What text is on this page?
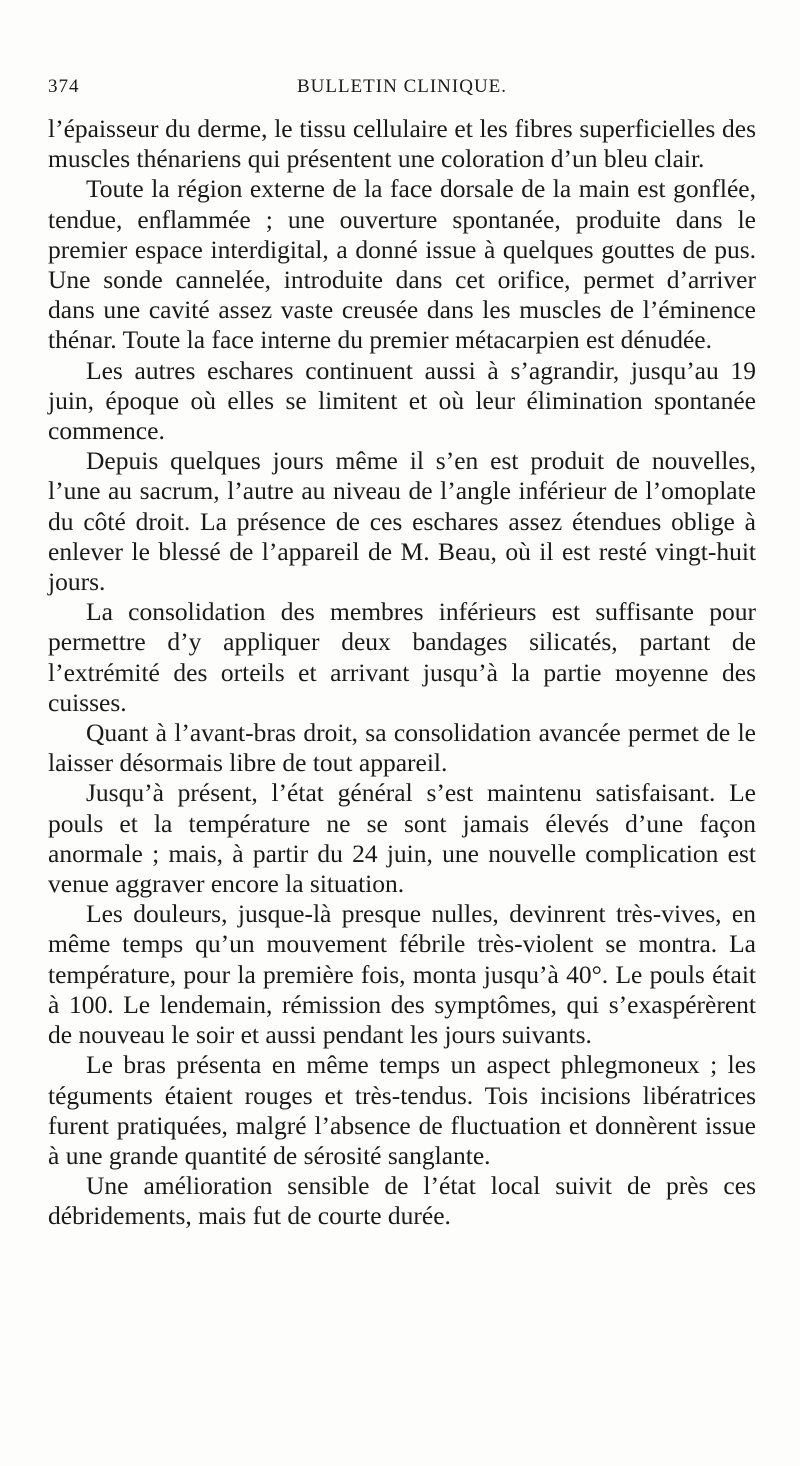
374	BULLETIN CLINIQUE.

l’épaisseur du derme, le tissu cellulaire et les fibres superficielles des muscles thénariens qui présentent une coloration d’un bleu clair.

Toute la région externe de la face dorsale de la main est gonflée, tendue, enflammée ; une ouverture spontanée, produite dans le premier espace interdigital, a donné issue à quelques gouttes de pus. Une sonde cannelée, introduite dans cet orifice, permet d’arriver dans une cavité assez vaste creusée dans les muscles de l’éminence thénar. Toute la face interne du premier métacarpien est dénudée.

Les autres eschares continuent aussi à s’agrandir, jusqu’au 19 juin, époque où elles se limitent et où leur élimination spontanée commence.

Depuis quelques jours même il s’en est produit de nouvelles, l’une au sacrum, l’autre au niveau de l’angle inférieur de l’omoplate du côté droit. La présence de ces eschares assez étendues oblige à enlever le blessé de l’appareil de M. Beau, où il est resté vingt-huit jours.

La consolidation des membres inférieurs est suffisante pour permettre d’y appliquer deux bandages silicatés, partant de l’extrémité des orteils et arrivant jusqu’à la partie moyenne des cuisses.

Quant à l’avant-bras droit, sa consolidation avancée permet de le laisser désormais libre de tout appareil.

Jusqu’à présent, l’état général s’est maintenu satisfaisant. Le pouls et la température ne se sont jamais élevés d’une façon anormale ; mais, à partir du 24 juin, une nouvelle complication est venue aggraver encore la situation.

Les douleurs, jusque-là presque nulles, devinrent très-vives, en même temps qu’un mouvement fébrile très-violent se montra. La température, pour la première fois, monta jusqu’à 40°. Le pouls était à 100. Le lendemain, rémission des symptômes, qui s’exaspérèrent de nouveau le soir et aussi pendant les jours suivants.

Le bras présenta en même temps un aspect phlegmoneux ; les téguments étaient rouges et très-tendus. Tois incisions libératrices furent pratiquées, malgré l’absence de fluctuation et donnèrent issue à une grande quantité de sérosité sanglante.

Une amélioration sensible de l’état local suivit de près ces débridements, mais fut de courte durée.
